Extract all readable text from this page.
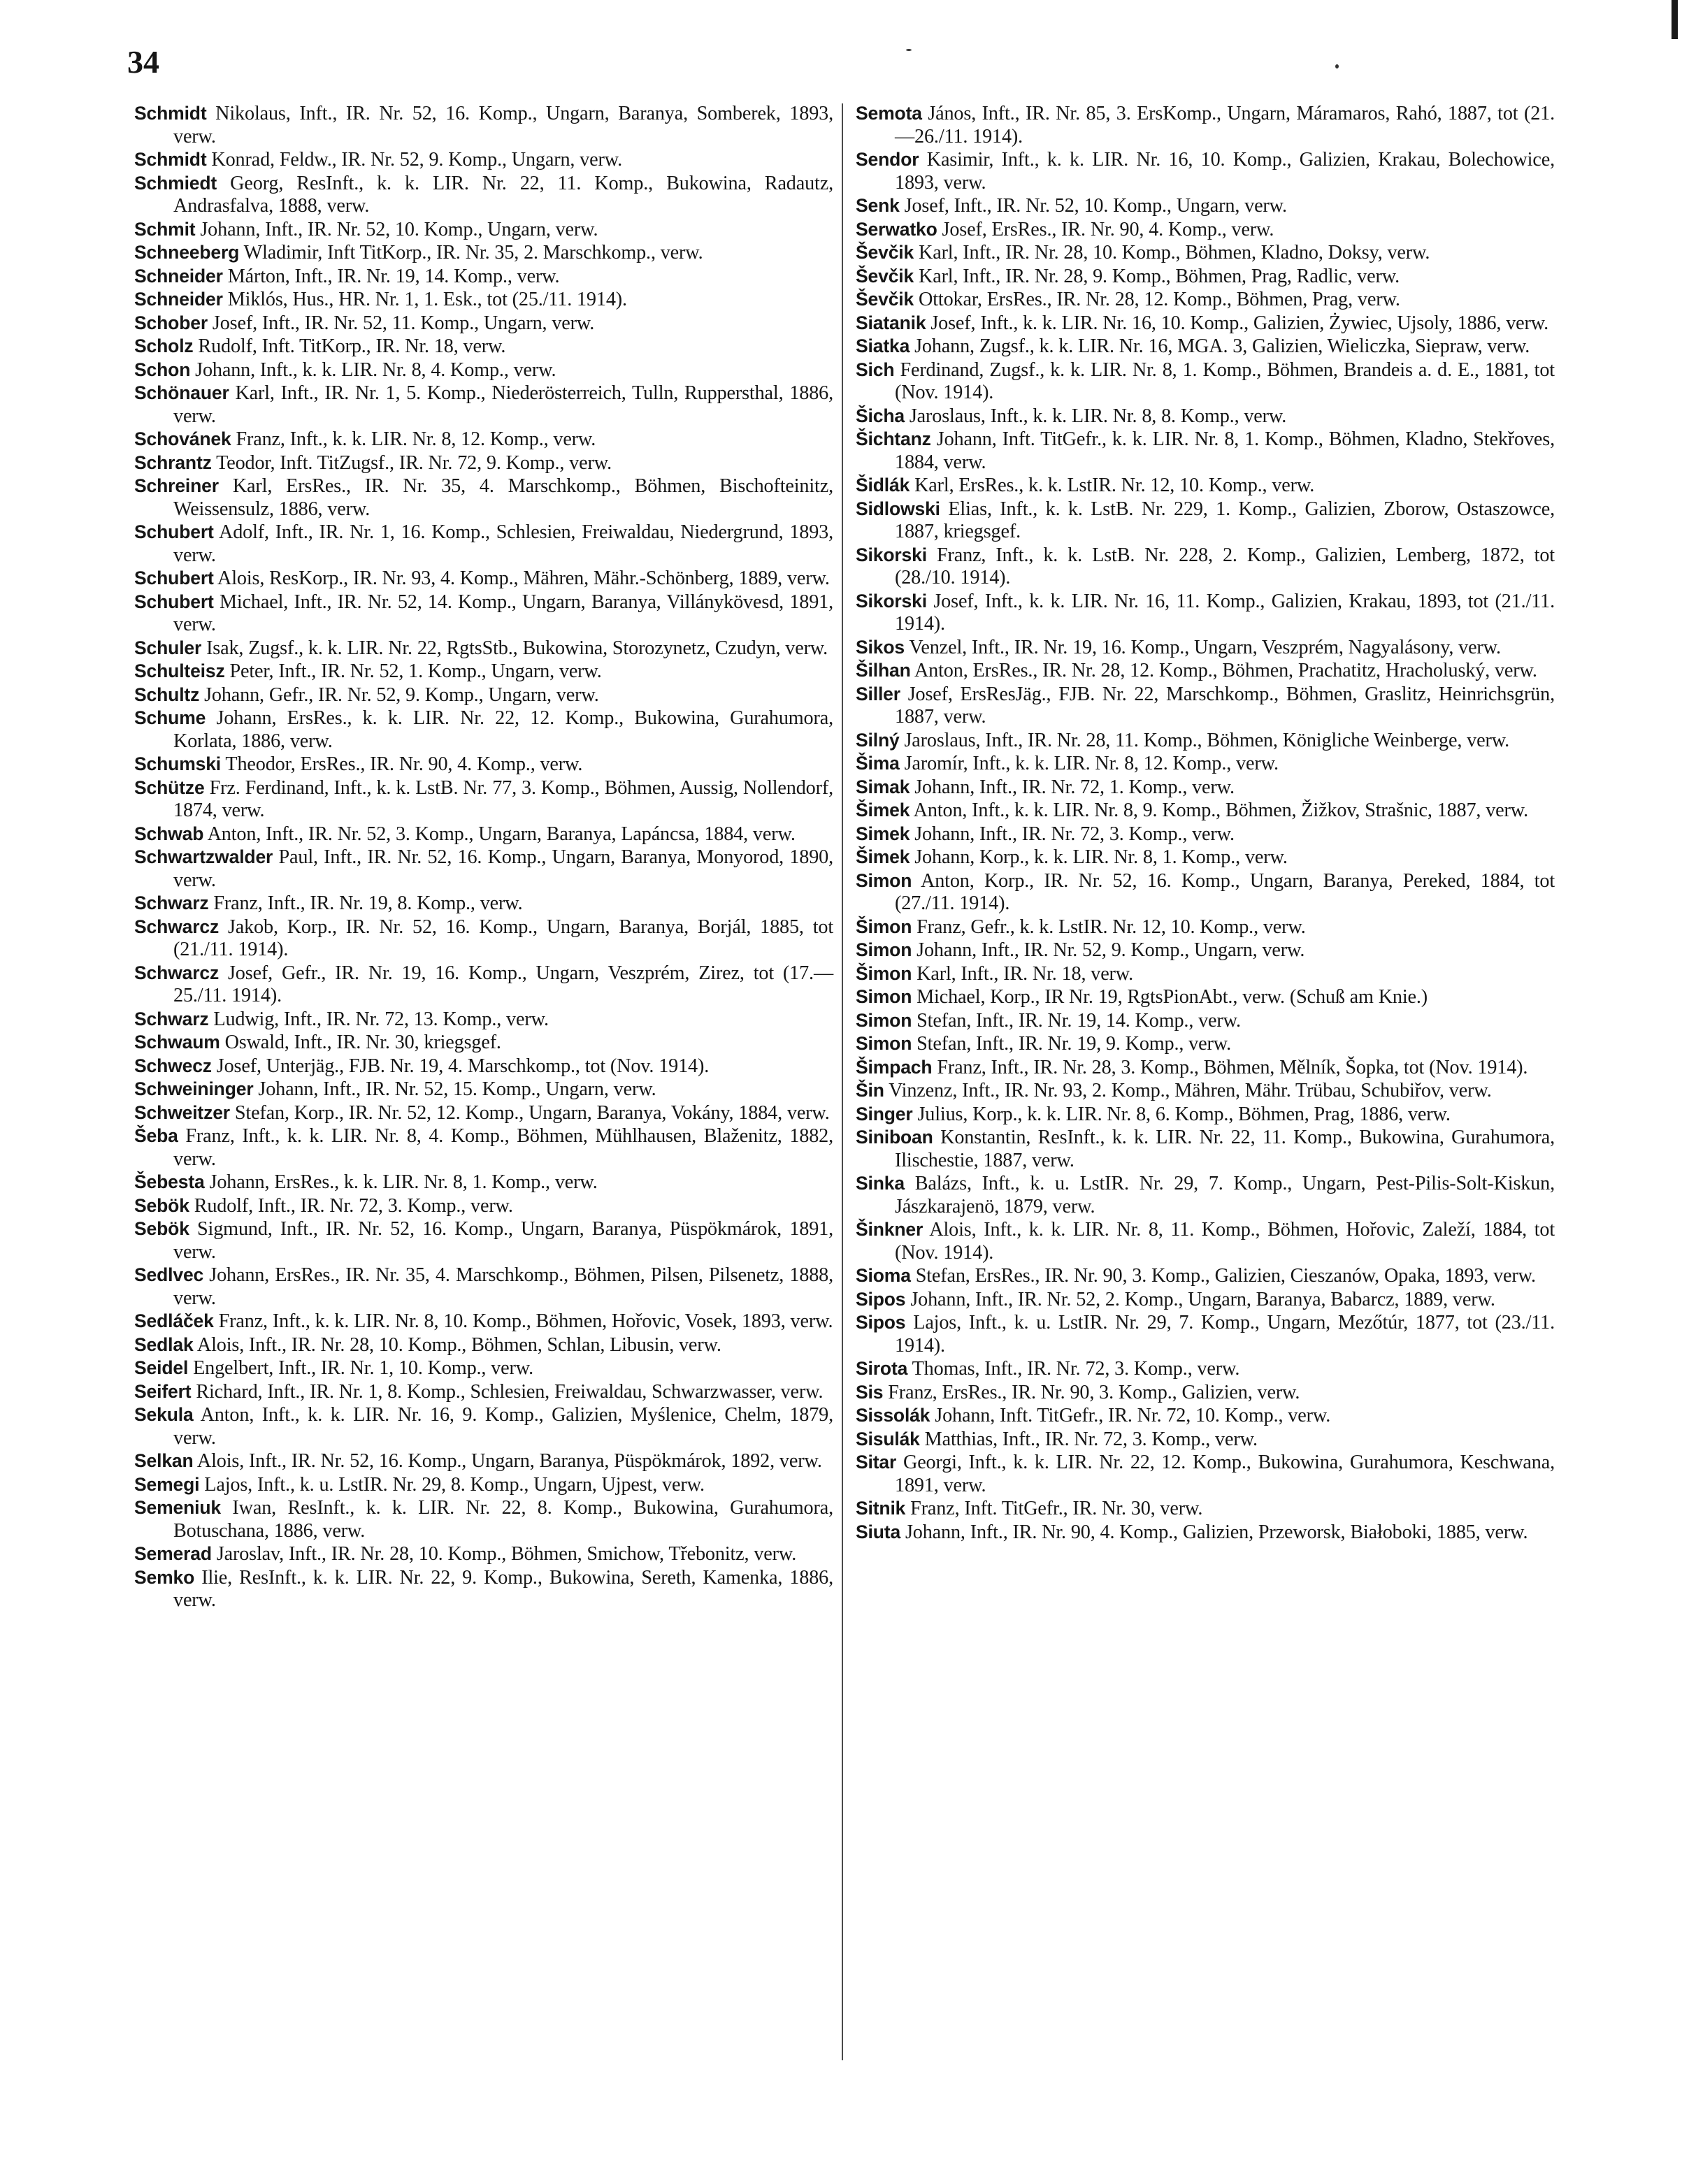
34

Schmidt Nikolaus, Inft., IR. Nr. 52, 16. Komp., Ungarn, Baranya, Somberek, 1893, verw.

Schmidt Konrad, Feldw., IR. Nr. 52, 9. Komp., Ungarn, verw.

Schmiedt Georg, ResInft., k. k. LIR. Nr. 22, 11. Komp., Bukowina, Radautz, Andrasfalva, 1888, verw.

Schmit Johann, Inft., IR. Nr. 52, 10. Komp., Ungarn, verw.

Schneeberg Wladimir, Inft TitKorp., IR. Nr. 35, 2. Marschkomp., verw.

Schneider Márton, Inft., IR. Nr. 19, 14. Komp., verw.

Schneider Miklós, Hus., HR. Nr. 1, 1. Esk., tot (25./11. 1914).

Schober Josef, Inft., IR. Nr. 52, 11. Komp., Ungarn, verw.

Scholz Rudolf, Inft. TitKorp., IR. Nr. 18, verw.

Schon Johann, Inft., k. k. LIR. Nr. 8, 4. Komp., verw.

Schönauer Karl, Inft., IR. Nr. 1, 5. Komp., Niederösterreich, Tulln, Ruppersthal, 1886, verw.

Schovánek Franz, Inft., k. k. LIR. Nr. 8, 12. Komp., verw.

Schrantz Teodor, Inft. TitZugsf., IR. Nr. 72, 9. Komp., verw.

Schreiner Karl, ErsRes., IR. Nr. 35, 4. Marschkomp., Böhmen, Bischofteinitz, Weissensulz, 1886, verw.

Schubert Adolf, Inft., IR. Nr. 1, 16. Komp., Schlesien, Freiwaldau, Niedergrund, 1893, verw.

Schubert Alois, ResKorp., IR. Nr. 93, 4. Komp., Mähren, Mähr.-Schönberg, 1889, verw.

Schubert Michael, Inft., IR. Nr. 52, 14. Komp., Ungarn, Baranya, Villánykövesd, 1891, verw.

Schuler Isak, Zugsf., k. k. LIR. Nr. 22, RgtsStb., Bukowina, Storozynetz, Czudyn, verw.

Schulteisz Peter, Inft., IR. Nr. 52, 1. Komp., Ungarn, verw.

Schultz Johann, Gefr., IR. Nr. 52, 9. Komp., Ungarn, verw.

Schume Johann, ErsRes., k. k. LIR. Nr. 22, 12. Komp., Bukowina, Gurahumora, Korlata, 1886, verw.

Schumski Theodor, ErsRes., IR. Nr. 90, 4. Komp., verw.

Schütze Frz. Ferdinand, Inft., k. k. LstB. Nr. 77, 3. Komp., Böhmen, Aussig, Nollendorf, 1874, verw.

Schwab Anton, Inft., IR. Nr. 52, 3. Komp., Ungarn, Baranya, Lapáncsa, 1884, verw.

Schwartzwalder Paul, Inft., IR. Nr. 52, 16. Komp., Ungarn, Baranya, Monyorod, 1890, verw.

Schwarz Franz, Inft., IR. Nr. 19, 8. Komp., verw.

Schwarcz Jakob, Korp., IR. Nr. 52, 16. Komp., Ungarn, Baranya, Borjál, 1885, tot (21./11. 1914).

Schwarcz Josef, Gefr., IR. Nr. 19, 16. Komp., Ungarn, Veszprém, Zirez, tot (17.—25./11. 1914).

Schwarz Ludwig, Inft., IR. Nr. 72, 13. Komp., verw.

Schwaum Oswald, Inft., IR. Nr. 30, kriegsgef.

Schwecz Josef, Unterjäg., FJB. Nr. 19, 4. Marschkomp., tot (Nov. 1914).

Schweininger Johann, Inft., IR. Nr. 52, 15. Komp., Ungarn, verw.

Schweitzer Stefan, Korp., IR. Nr. 52, 12. Komp., Ungarn, Baranya, Vokány, 1884, verw.

Šeba Franz, Inft., k. k. LIR. Nr. 8, 4. Komp., Böhmen, Mühlhausen, Blaženitz, 1882, verw.

Šebesta Johann, ErsRes., k. k. LIR. Nr. 8, 1. Komp., verw.

Sebök Rudolf, Inft., IR. Nr. 72, 3. Komp., verw.

Sebök Sigmund, Inft., IR. Nr. 52, 16. Komp., Ungarn, Baranya, Püspökmárok, 1891, verw.

Sedlvec Johann, ErsRes., IR. Nr. 35, 4. Marschkomp., Böhmen, Pilsen, Pilsenetz, 1888, verw.

Sedláček Franz, Inft., k. k. LIR. Nr. 8, 10. Komp., Böhmen, Hořovic, Vosek, 1893, verw.

Sedlak Alois, Inft., IR. Nr. 28, 10. Komp., Böhmen, Schlan, Libusin, verw.

Seidel Engelbert, Inft., IR. Nr. 1, 10. Komp., verw.

Seifert Richard, Inft., IR. Nr. 1, 8. Komp., Schlesien, Freiwaldau, Schwarzwasser, verw.

Sekula Anton, Inft., k. k. LIR. Nr. 16, 9. Komp., Galizien, Myślenice, Chelm, 1879, verw.

Selkan Alois, Inft., IR. Nr. 52, 16. Komp., Ungarn, Baranya, Püspökmárok, 1892, verw.

Semegi Lajos, Inft., k. u. LstIR. Nr. 29, 8. Komp., Ungarn, Ujpest, verw.

Semeniuk Iwan, ResInft., k. k. LIR. Nr. 22, 8. Komp., Bukowina, Gurahumora, Botuschana, 1886, verw.

Semerad Jaroslav, Inft., IR. Nr. 28, 10. Komp., Böhmen, Smichow, Třebonitz, verw.

Semko Ilie, ResInft., k. k. LIR. Nr. 22, 9. Komp., Bukowina, Sereth, Kamenka, 1886, verw.

Semota János, Inft., IR. Nr. 85, 3. ErsKomp., Ungarn, Máramaros, Rahó, 1887, tot (21.—26./11. 1914).

Sendor Kasimir, Inft., k. k. LIR. Nr. 16, 10. Komp., Galizien, Krakau, Bolechowice, 1893, verw.

Senk Josef, Inft., IR. Nr. 52, 10. Komp., Ungarn, verw.

Serwatko Josef, ErsRes., IR. Nr. 90, 4. Komp., verw.

Ševčik Karl, Inft., IR. Nr. 28, 10. Komp., Böhmen, Kladno, Doksy, verw.

Ševčik Karl, Inft., IR. Nr. 28, 9. Komp., Böhmen, Prag, Radlic, verw.

Ševčik Ottokar, ErsRes., IR. Nr. 28, 12. Komp., Böhmen, Prag, verw.

Siatanik Josef, Inft., k. k. LIR. Nr. 16, 10. Komp., Galizien, Żywiec, Ujsoly, 1886, verw.

Siatka Johann, Zugsf., k. k. LIR. Nr. 16, MGA. 3, Galizien, Wieliczka, Siepraw, verw.

Sich Ferdinand, Zugsf., k. k. LIR. Nr. 8, 1. Komp., Böhmen, Brandeis a. d. E., 1881, tot (Nov. 1914).

Šicha Jaroslaus, Inft., k. k. LIR. Nr. 8, 8. Komp., verw.

Šichtanz Johann, Inft. TitGefr., k. k. LIR. Nr. 8, 1. Komp., Böhmen, Kladno, Stekřoves, 1884, verw.

Šidlák Karl, ErsRes., k. k. LstIR. Nr. 12, 10. Komp., verw.

Sidlowski Elias, Inft., k. k. LstB. Nr. 229, 1. Komp., Galizien, Zborow, Ostaszowce, 1887, kriegsgef.

Sikorski Franz, Inft., k. k. LstB. Nr. 228, 2. Komp., Galizien, Lemberg, 1872, tot (28./10. 1914).

Sikorski Josef, Inft., k. k. LIR. Nr. 16, 11. Komp., Galizien, Krakau, 1893, tot (21./11. 1914).

Sikos Venzel, Inft., IR. Nr. 19, 16. Komp., Ungarn, Veszprém, Nagyalásony, verw.

Šilhan Anton, ErsRes., IR. Nr. 28, 12. Komp., Böhmen, Prachatitz, Hracholuský, verw.

Siller Josef, ErsResJäg., FJB. Nr. 22, Marschkomp., Böhmen, Graslitz, Heinrichsgrün, 1887, verw.

Silný Jaroslaus, Inft., IR. Nr. 28, 11. Komp., Böhmen, Königliche Weinberge, verw.

Šima Jaromír, Inft., k. k. LIR. Nr. 8, 12. Komp., verw.

Simak Johann, Inft., IR. Nr. 72, 1. Komp., verw.

Šimek Anton, Inft., k. k. LIR. Nr. 8, 9. Komp., Böhmen, Žižkov, Strašnic, 1887, verw.

Simek Johann, Inft., IR. Nr. 72, 3. Komp., verw.

Šimek Johann, Korp., k. k. LIR. Nr. 8, 1. Komp., verw.

Simon Anton, Korp., IR. Nr. 52, 16. Komp., Ungarn, Baranya, Pereked, 1884, tot (27./11. 1914).

Šimon Franz, Gefr., k. k. LstIR. Nr. 12, 10. Komp., verw.

Simon Johann, Inft., IR. Nr. 52, 9. Komp., Ungarn, verw.

Šimon Karl, Inft., IR. Nr. 18, verw.

Simon Michael, Korp., IR Nr. 19, RgtsPionAbt., verw. (Schuß am Knie.)

Simon Stefan, Inft., IR. Nr. 19, 14. Komp., verw.

Simon Stefan, Inft., IR. Nr. 19, 9. Komp., verw.

Šimpach Franz, Inft., IR. Nr. 28, 3. Komp., Böhmen, Mělník, Šopka, tot (Nov. 1914).

Šin Vinzenz, Inft., IR. Nr. 93, 2. Komp., Mähren, Mähr. Trübau, Schubiřov, verw.

Singer Julius, Korp., k. k. LIR. Nr. 8, 6. Komp., Böhmen, Prag, 1886, verw.

Siniboan Konstantin, ResInft., k. k. LIR. Nr. 22, 11. Komp., Bukowina, Gurahumora, Ilischestie, 1887, verw.

Sinka Balázs, Inft., k. u. LstIR. Nr. 29, 7. Komp., Ungarn, Pest-Pilis-Solt-Kiskun, Jászkarajenö, 1879, verw.

Šinkner Alois, Inft., k. k. LIR. Nr. 8, 11. Komp., Böhmen, Hořovic, Zaleží, 1884, tot (Nov. 1914).

Sioma Stefan, ErsRes., IR. Nr. 90, 3. Komp., Galizien, Cieszanów, Opaka, 1893, verw.

Sipos Johann, Inft., IR. Nr. 52, 2. Komp., Ungarn, Baranya, Babarcz, 1889, verw.

Sipos Lajos, Inft., k. u. LstIR. Nr. 29, 7. Komp., Ungarn, Mezőtúr, 1877, tot (23./11. 1914).

Sirota Thomas, Inft., IR. Nr. 72, 3. Komp., verw.

Sis Franz, ErsRes., IR. Nr. 90, 3. Komp., Galizien, verw.

Sissolák Johann, Inft. TitGefr., IR. Nr. 72, 10. Komp., verw.

Sisulák Matthias, Inft., IR. Nr. 72, 3. Komp., verw.

Sitar Georgi, Inft., k. k. LIR. Nr. 22, 12. Komp., Bukowina, Gurahumora, Keschwana, 1891, verw.

Sitnik Franz, Inft. TitGefr., IR. Nr. 30, verw.

Siuta Johann, Inft., IR. Nr. 90, 4. Komp., Galizien, Przeworsk, Białoboki, 1885, verw.
